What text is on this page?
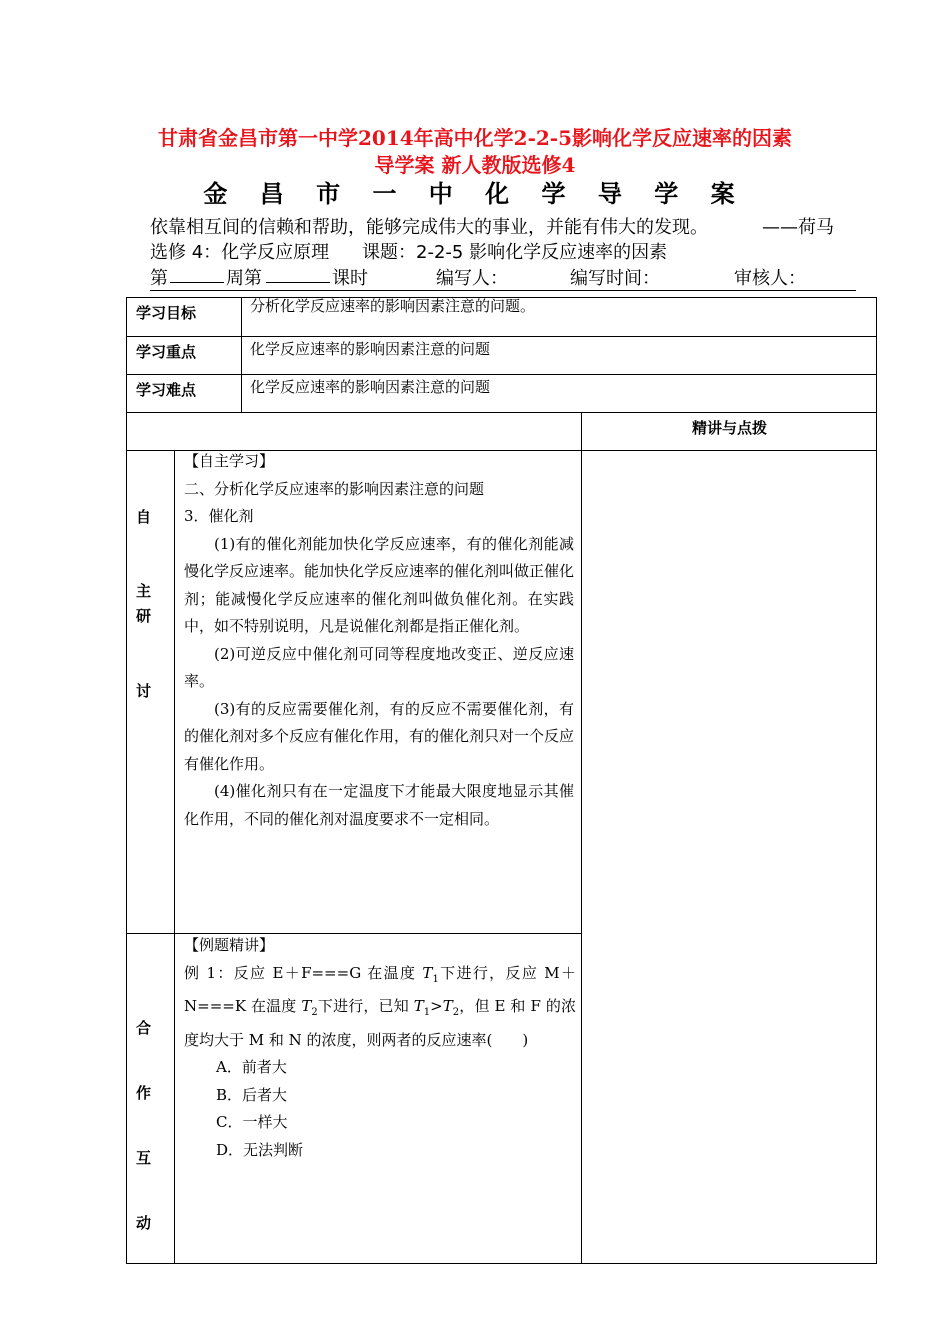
甘肃省金昌市第一中学2014年高中化学2-2-5影响化学反应速率的因素
导学案 新人教版选修4
金 昌 市 一 中 化 学 导 学 案
依靠相互间的信赖和帮助，能够完成伟大的事业，并能有伟大的发现。	——荷马
选修 4：化学反应原理 课题：2-2-5 影响化学反应速率的因素
第	周第	课时	编写人：	编写时间：	审核人：
学习目标	分析化学反应速率的影响因素注意的问题。
学习重点	化学反应速率的影响因素注意的问题
学习难点	化学反应速率的影响因素注意的问题
精讲与点拨
自
主
研
讨

【自主学习】

二、分析化学反应速率的影响因素注意的问题

3．催化剂

(1)有的催化剂能加快化学反应速率，有的催化剂能减慢化学反应速率。能加快化学反应速率的催化剂叫做正催化剂；能减慢化学反应速率的催化剂叫做负催化剂。在实践中，如不特别说明，凡是说催化剂都是指正催化剂。

(2)可逆反应中催化剂可同等程度地改变正、逆反应速率。

(3)有的反应需要催化剂，有的反应不需要催化剂，有的催化剂对多个反应有催化作用，有的催化剂只对一个反应有催化作用。

(4)催化剂只有在一定温度下才能最大限度地显示其催化作用，不同的催化剂对温度要求不一定相同。

合
作
互
动

【例题精讲】

例 1：反应 E＋F===G 在温度 $T_1$下进行，反应 M＋N===K 在温度 $T_2$下进行，已知 $T_1>T_2$，但 E 和 F 的浓度均大于 M 和 N 的浓度，则两者的反应速率(　　)

A．前者大

B．后者大

C．一样大

D．无法判断
